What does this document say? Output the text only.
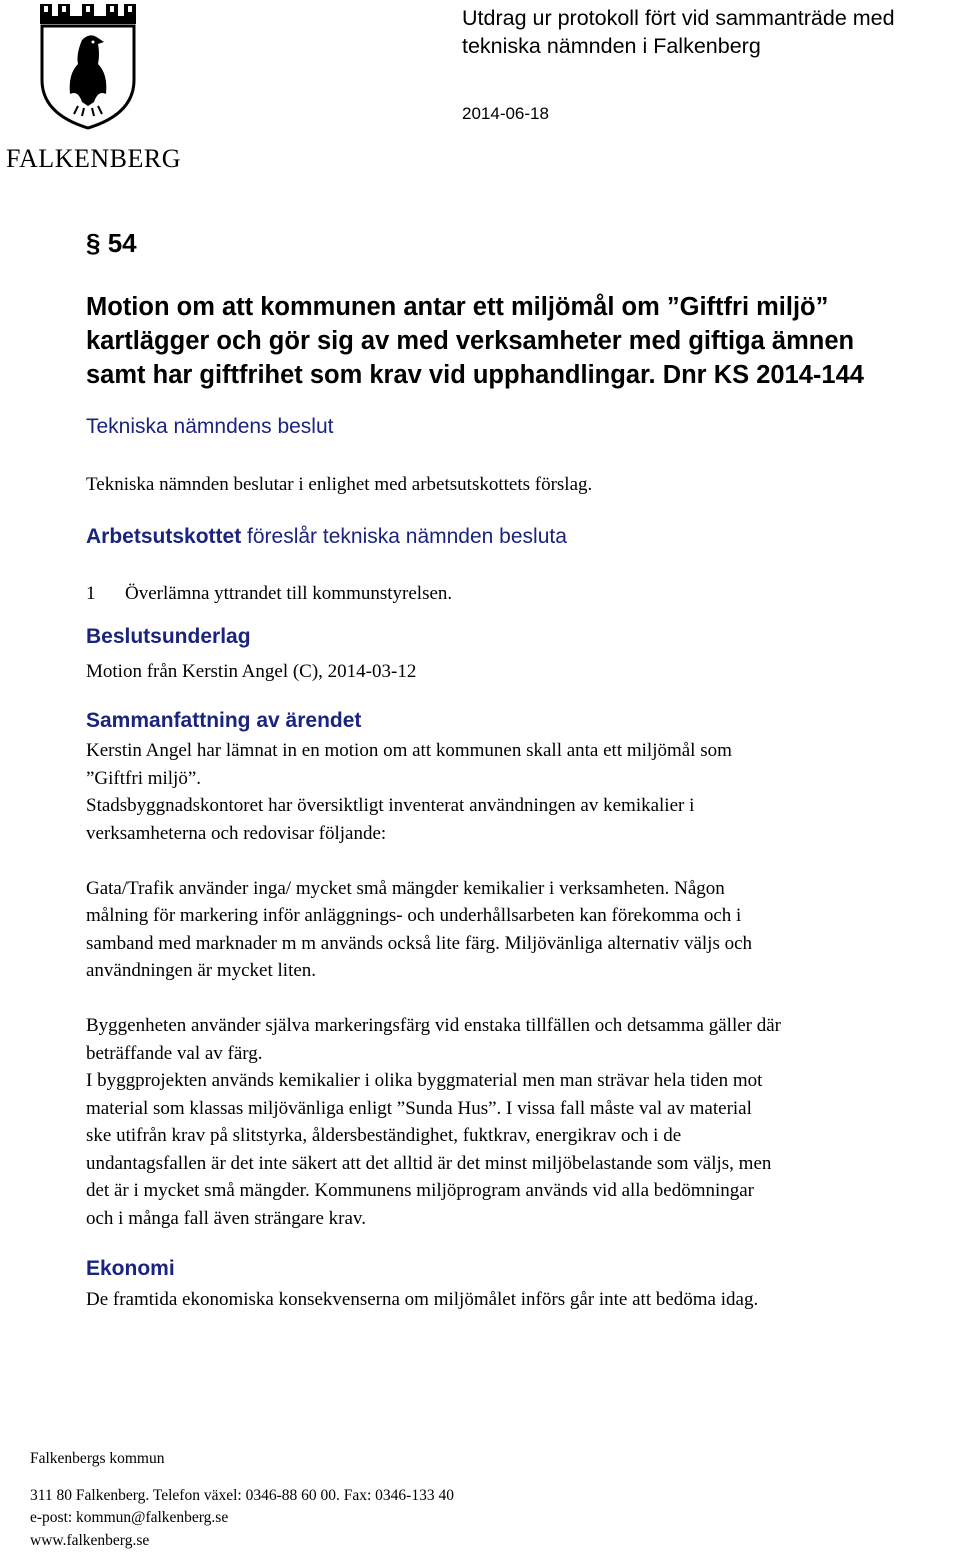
FALKENBERG
Utdrag ur protokoll fört vid sammanträde med
tekniska nämnden i Falkenberg
2014-06-18
§ 54
Motion om att kommunen antar ett miljömål om ”Giftfri miljö”
kartlägger och gör sig av med verksamheter med giftiga ämnen
samt har giftfrihet som krav vid upphandlingar. Dnr KS 2014-144
Tekniska nämndens beslut
Tekniska nämnden beslutar i enlighet med arbetsutskottets förslag.
Arbetsutskottet föreslår tekniska nämnden besluta
1 Överlämna yttrandet till kommunstyrelsen.
Beslutsunderlag
Motion från Kerstin Angel (C), 2014-03-12
Sammanfattning av ärendet
Kerstin Angel har lämnat in en motion om att kommunen skall anta ett miljömål som
”Giftfri miljö”.
Stadsbyggnadskontoret har översiktligt inventerat användningen av kemikalier i
verksamheterna och redovisar följande:
Gata/Trafik använder inga/ mycket små mängder kemikalier i verksamheten. Någon
målning för markering inför anläggnings- och underhållsarbeten kan förekomma och i
samband med marknader m m används också lite färg. Miljövänliga alternativ väljs och
användningen är mycket liten.
Byggenheten använder själva markeringsfärg vid enstaka tillfällen och detsamma gäller där
beträffande val av färg.
I byggprojekten används kemikalier i olika byggmaterial men man strävar hela tiden mot
material som klassas miljövänliga enligt ”Sunda Hus”. I vissa fall måste val av material
ske utifrån krav på slitstyrka, åldersbeständighet, fuktkrav, energikrav och i de
undantagsfallen är det inte säkert att det alltid är det minst miljöbelastande som väljs, men
det är i mycket små mängder. Kommunens miljöprogram används vid alla bedömningar
och i många fall även strängare krav.
Ekonomi
De framtida ekonomiska konsekvenserna om miljömålet införs går inte att bedöma idag.
Falkenbergs kommun
311 80 Falkenberg. Telefon växel: 0346-88 60 00. Fax: 0346-133 40
e-post: kommun@falkenberg.se
www.falkenberg.se
